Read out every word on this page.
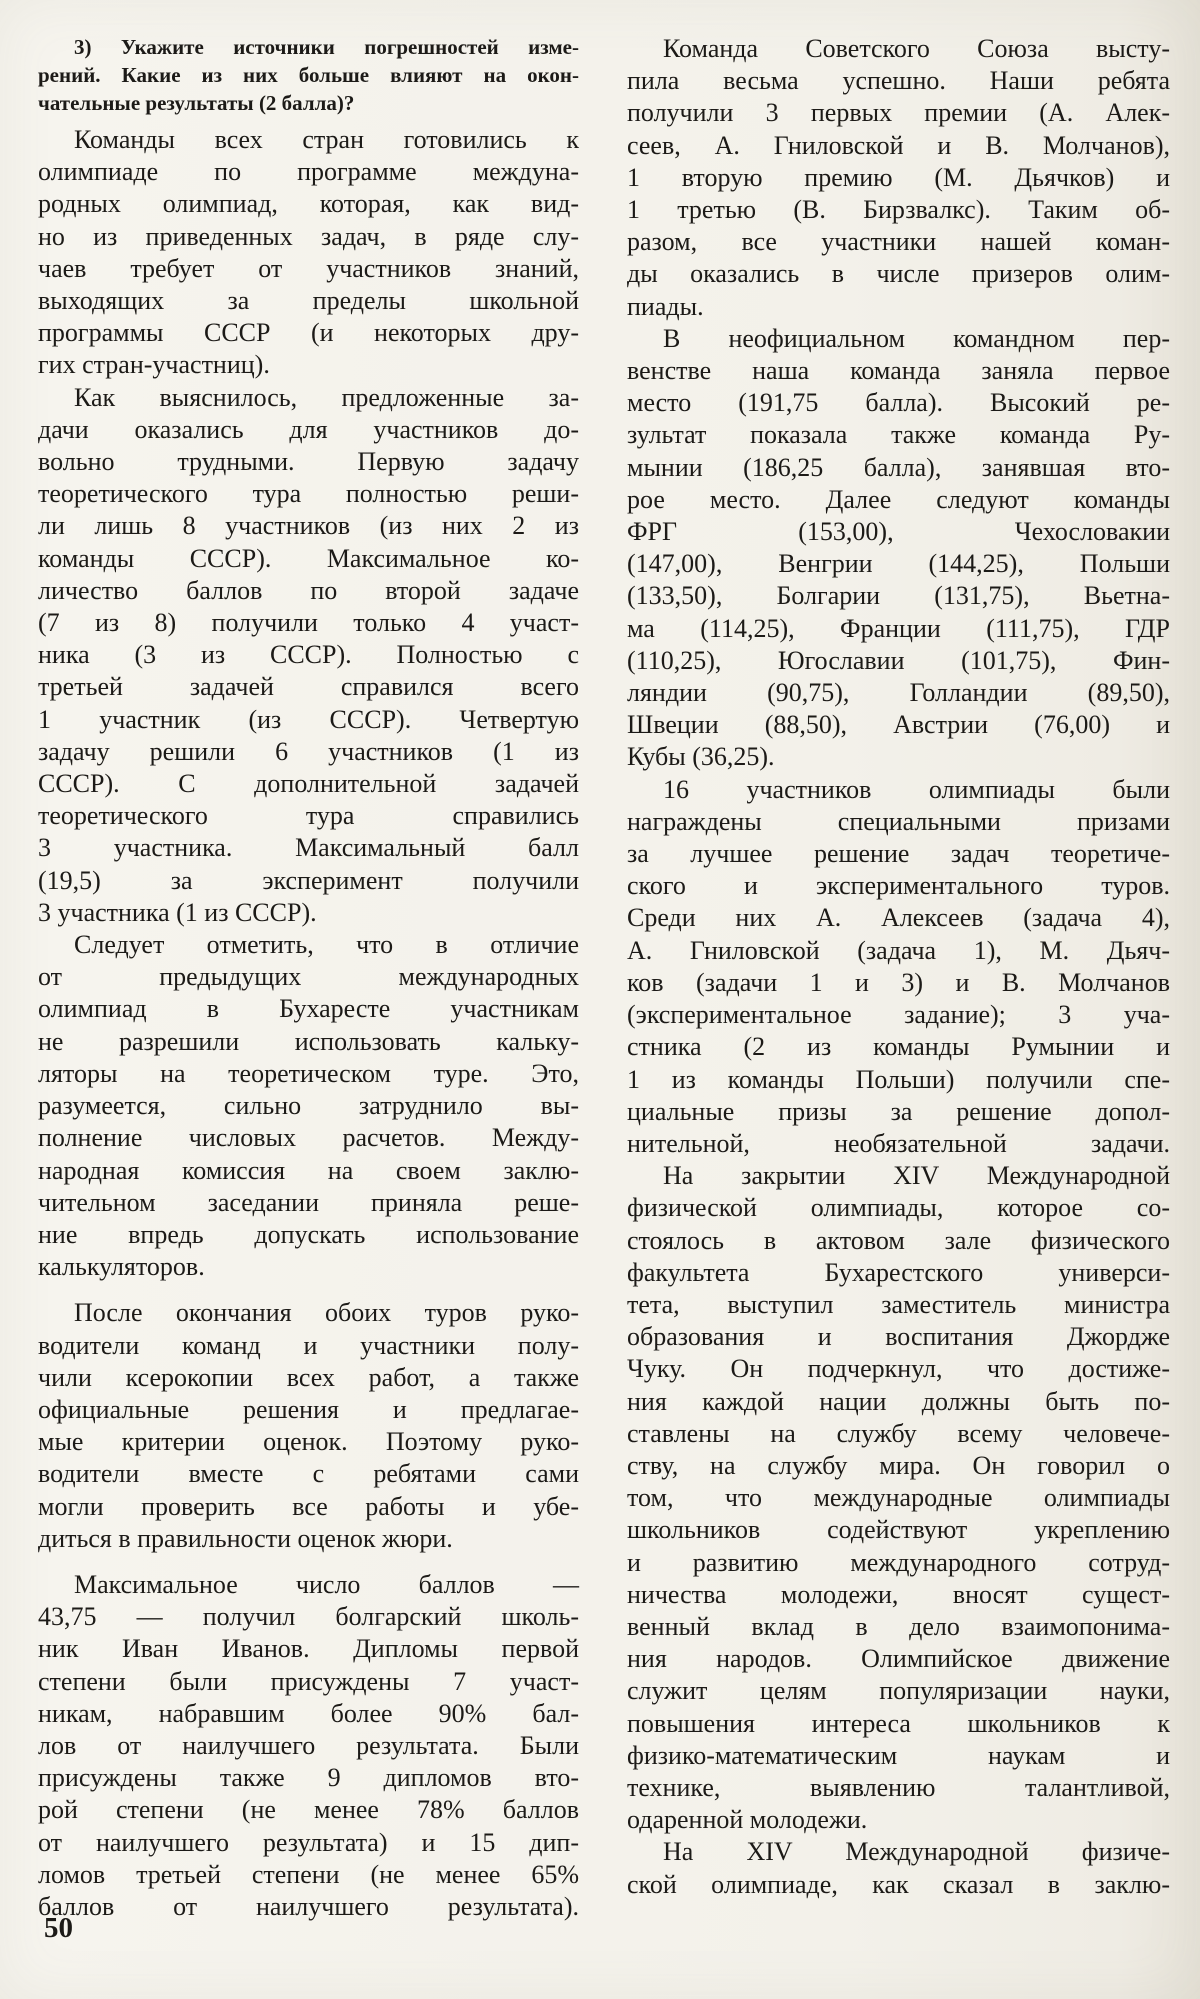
3) Укажите источники погрешностей изме-
рений. Какие из них больше влияют на окон-
чательные результаты (2 балла)?
Команды всех стран готовились к
олимпиаде по программе междуна-
родных олимпиад, которая, как вид-
но из приведенных задач, в ряде слу-
чаев требует от участников знаний,
выходящих за пределы школьной
программы СССР (и некоторых дру-
гих стран-участниц).
Как выяснилось, предложенные за-
дачи оказались для участников до-
вольно трудными. Первую задачу
теоретического тура полностью реши-
ли лишь 8 участников (из них 2 из
команды СССР). Максимальное ко-
личество баллов по второй задаче
(7 из 8) получили только 4 участ-
ника (3 из СССР). Полностью с
третьей задачей справился всего
1 участник (из СССР). Четвертую
задачу решили 6 участников (1 из
СССР). С дополнительной задачей
теоретического тура справились
3 участника. Максимальный балл
(19,5) за эксперимент получили
3 участника (1 из СССР).
Следует отметить, что в отличие
от предыдущих международных
олимпиад в Бухаресте участникам
не разрешили использовать кальку-
ляторы на теоретическом туре. Это,
разумеется, сильно затруднило вы-
полнение числовых расчетов. Между-
народная комиссия на своем заклю-
чительном заседании приняла реше-
ние впредь допускать использование
калькуляторов.
После окончания обоих туров руко-
водители команд и участники полу-
чили ксерокопии всех работ, а также
официальные решения и предлагае-
мые критерии оценок. Поэтому руко-
водители вместе с ребятами сами
могли проверить все работы и убе-
диться в правильности оценок жюри.
Максимальное число баллов —
43,75 — получил болгарский школь-
ник Иван Иванов. Дипломы первой
степени были присуждены 7 участ-
никам, набравшим более 90% бал-
лов от наилучшего результата. Были
присуждены также 9 дипломов вто-
рой степени (не менее 78% баллов
от наилучшего результата) и 15 дип-
ломов третьей степени (не менее 65%
баллов от наилучшего результата).
Команда Советского Союза высту-
пила весьма успешно. Наши ребята
получили 3 первых премии (А. Алек-
сеев, А. Гниловской и В. Молчанов),
1 вторую премию (М. Дьячков) и
1 третью (В. Бирзвалкс). Таким об-
разом, все участники нашей коман-
ды оказались в числе призеров олим-
пиады.
В неофициальном командном пер-
венстве наша команда заняла первое
место (191,75 балла). Высокий ре-
зультат показала также команда Ру-
мынии (186,25 балла), занявшая вто-
рое место. Далее следуют команды
ФРГ (153,00), Чехословакии
(147,00), Венгрии (144,25), Польши
(133,50), Болгарии (131,75), Вьетна-
ма (114,25), Франции (111,75), ГДР
(110,25), Югославии (101,75), Фин-
ляндии (90,75), Голландии (89,50),
Швеции (88,50), Австрии (76,00) и
Кубы (36,25).
16 участников олимпиады были
награждены специальными призами
за лучшее решение задач теоретиче-
ского и экспериментального туров.
Среди них А. Алексеев (задача 4),
А. Гниловской (задача 1), М. Дьяч-
ков (задачи 1 и 3) и В. Молчанов
(экспериментальное задание); 3 уча-
стника (2 из команды Румынии и
1 из команды Польши) получили спе-
циальные призы за решение допол-
нительной, необязательной задачи.
На закрытии XIV Международной
физической олимпиады, которое со-
стоялось в актовом зале физического
факультета Бухарестского универси-
тета, выступил заместитель министра
образования и воспитания Джордже
Чуку. Он подчеркнул, что достиже-
ния каждой нации должны быть по-
ставлены на службу всему человече-
ству, на службу мира. Он говорил о
том, что международные олимпиады
школьников содействуют укреплению
и развитию международного сотруд-
ничества молодежи, вносят сущест-
венный вклад в дело взаимопонима-
ния народов. Олимпийское движение
служит целям популяризации науки,
повышения интереса школьников к
физико-математическим наукам и
технике, выявлению талантливой,
одаренной молодежи.
На XIV Международной физиче-
ской олимпиаде, как сказал в заклю-
50
